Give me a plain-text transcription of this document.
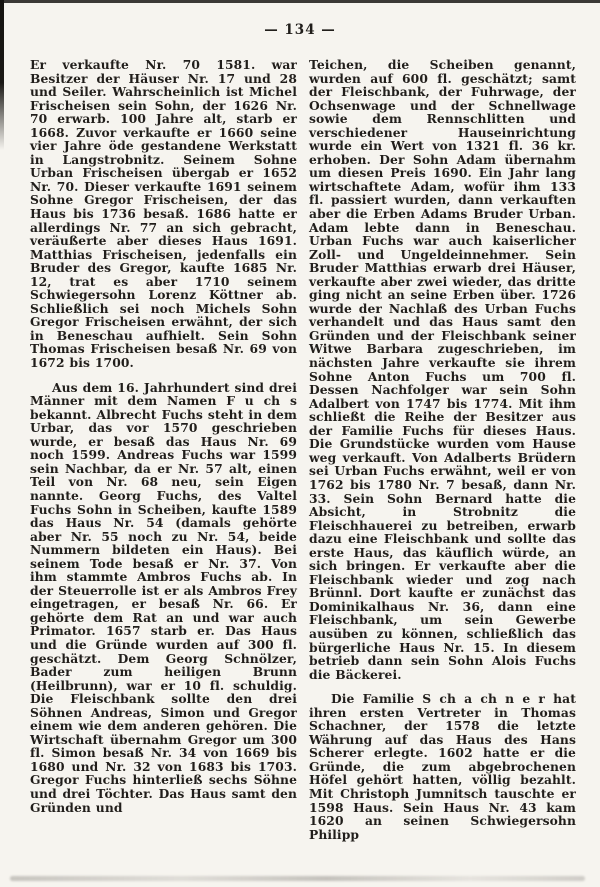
— 134 —

Er verkaufte Nr. 70 1581. war Besitzer der Häuser Nr. 17 und 28 und Seiler. Wahrscheinlich ist Michel Frischeisen sein Sohn, der 1626 Nr. 70 erwarb. 100 Jahre alt, starb er 1668. Zuvor verkaufte er 1660 seine vier Jahre öde gestandene Werkstatt in Langstrobnitz. Seinem Sohne Urban Frischeisen übergab er 1652 Nr. 70. Dieser verkaufte 1691 seinem Sohne Gregor Frischeisen, der das Haus bis 1736 besaß. 1686 hatte er allerdings Nr. 77 an sich gebracht, veräußerte aber dieses Haus 1691. Matthias Frischeisen, jedenfalls ein Bruder des Gregor, kaufte 1685 Nr. 12, trat es aber 1710 seinem Schwiegersohn Lorenz Köttner ab. Schließlich sei noch Michels Sohn Gregor Frischeisen erwähnt, der sich in Beneschau aufhielt. Sein Sohn Thomas Frischeisen besaß Nr. 69 von 1672 bis 1700.

Aus dem 16. Jahrhundert sind drei Männer mit dem Namen F u ch s bekannt. Albrecht Fuchs steht in dem Urbar, das vor 1570 geschrieben wurde, er besaß das Haus Nr. 69 noch 1599. Andreas Fuchs war 1599 sein Nachbar, da er Nr. 57 alt, einen Teil von Nr. 68 neu, sein Eigen nannte. Georg Fuchs, des Valtel Fuchs Sohn in Scheiben, kaufte 1589 das Haus Nr. 54 (damals gehörte aber Nr. 55 noch zu Nr. 54, beide Nummern bildeten ein Haus). Bei seinem Tode besaß er Nr. 37. Von ihm stammte Ambros Fuchs ab. In der Steuerrolle ist er als Ambros Frey eingetragen, er besaß Nr. 66. Er gehörte dem Rat an und war auch Primator. 1657 starb er. Das Haus und die Gründe wurden auf 300 fl. geschätzt. Dem Georg Schnölzer, Bader zum heiligen Brunn (Heilbrunn), war er 10 fl. schuldig. Die Fleischbank sollte den drei Söhnen Andreas, Simon und Gregor einem wie dem anderen gehören. Die Wirtschaft übernahm Gregor um 300 fl. Simon besaß Nr. 34 von 1669 bis 1680 und Nr. 32 von 1683 bis 1703. Gregor Fuchs hinterließ sechs Söhne und drei Töchter. Das Haus samt den Gründen und

Teichen, die Scheiben genannt, wurden auf 600 fl. geschätzt; samt der Fleischbank, der Fuhrwage, der Ochsenwage und der Schnellwage sowie dem Rennschlitten und verschiedener Hauseinrichtung wurde ein Wert von 1321 fl. 36 kr. erhoben. Der Sohn Adam übernahm um diesen Preis 1690. Ein Jahr lang wirtschaftete Adam, wofür ihm 133 fl. passiert wurden, dann verkauften aber die Erben Adams Bruder Urban. Adam lebte dann in Beneschau. Urban Fuchs war auch kaiserlicher Zoll- und Ungeldeinnehmer. Sein Bruder Matthias erwarb drei Häuser, verkaufte aber zwei wieder, das dritte ging nicht an seine Erben über. 1726 wurde der Nachlaß des Urban Fuchs verhandelt und das Haus samt den Gründen und der Fleischbank seiner Witwe Barbara zugeschrieben, im nächsten Jahre verkaufte sie ihrem Sohne Anton Fuchs um 700 fl. Dessen Nachfolger war sein Sohn Adalbert von 1747 bis 1774. Mit ihm schließt die Reihe der Besitzer aus der Familie Fuchs für dieses Haus. Die Grundstücke wurden vom Hause weg verkauft. Von Adalberts Brüdern sei Urban Fuchs erwähnt, weil er von 1762 bis 1780 Nr. 7 besaß, dann Nr. 33. Sein Sohn Bernard hatte die Absicht, in Strobnitz die Fleischhauerei zu betreiben, erwarb dazu eine Fleischbank und sollte das erste Haus, das käuflich würde, an sich bringen. Er verkaufte aber die Fleischbank wieder und zog nach Brünnl. Dort kaufte er zunächst das Dominikalhaus Nr. 36, dann eine Fleischbank, um sein Gewerbe ausüben zu können, schließlich das bürgerliche Haus Nr. 15. In diesem betrieb dann sein Sohn Alois Fuchs die Bäckerei.

Die Familie S ch a ch n e r hat ihren ersten Vertreter in Thomas Schachner, der 1578 die letzte Währung auf das Haus des Hans Scherer erlegte. 1602 hatte er die Gründe, die zum abgebrochenen Höfel gehört hatten, völlig bezahlt. Mit Christoph Jumnitsch tauschte er 1598 Haus. Sein Haus Nr. 43 kam 1620 an seinen Schwiegersohn Philipp
